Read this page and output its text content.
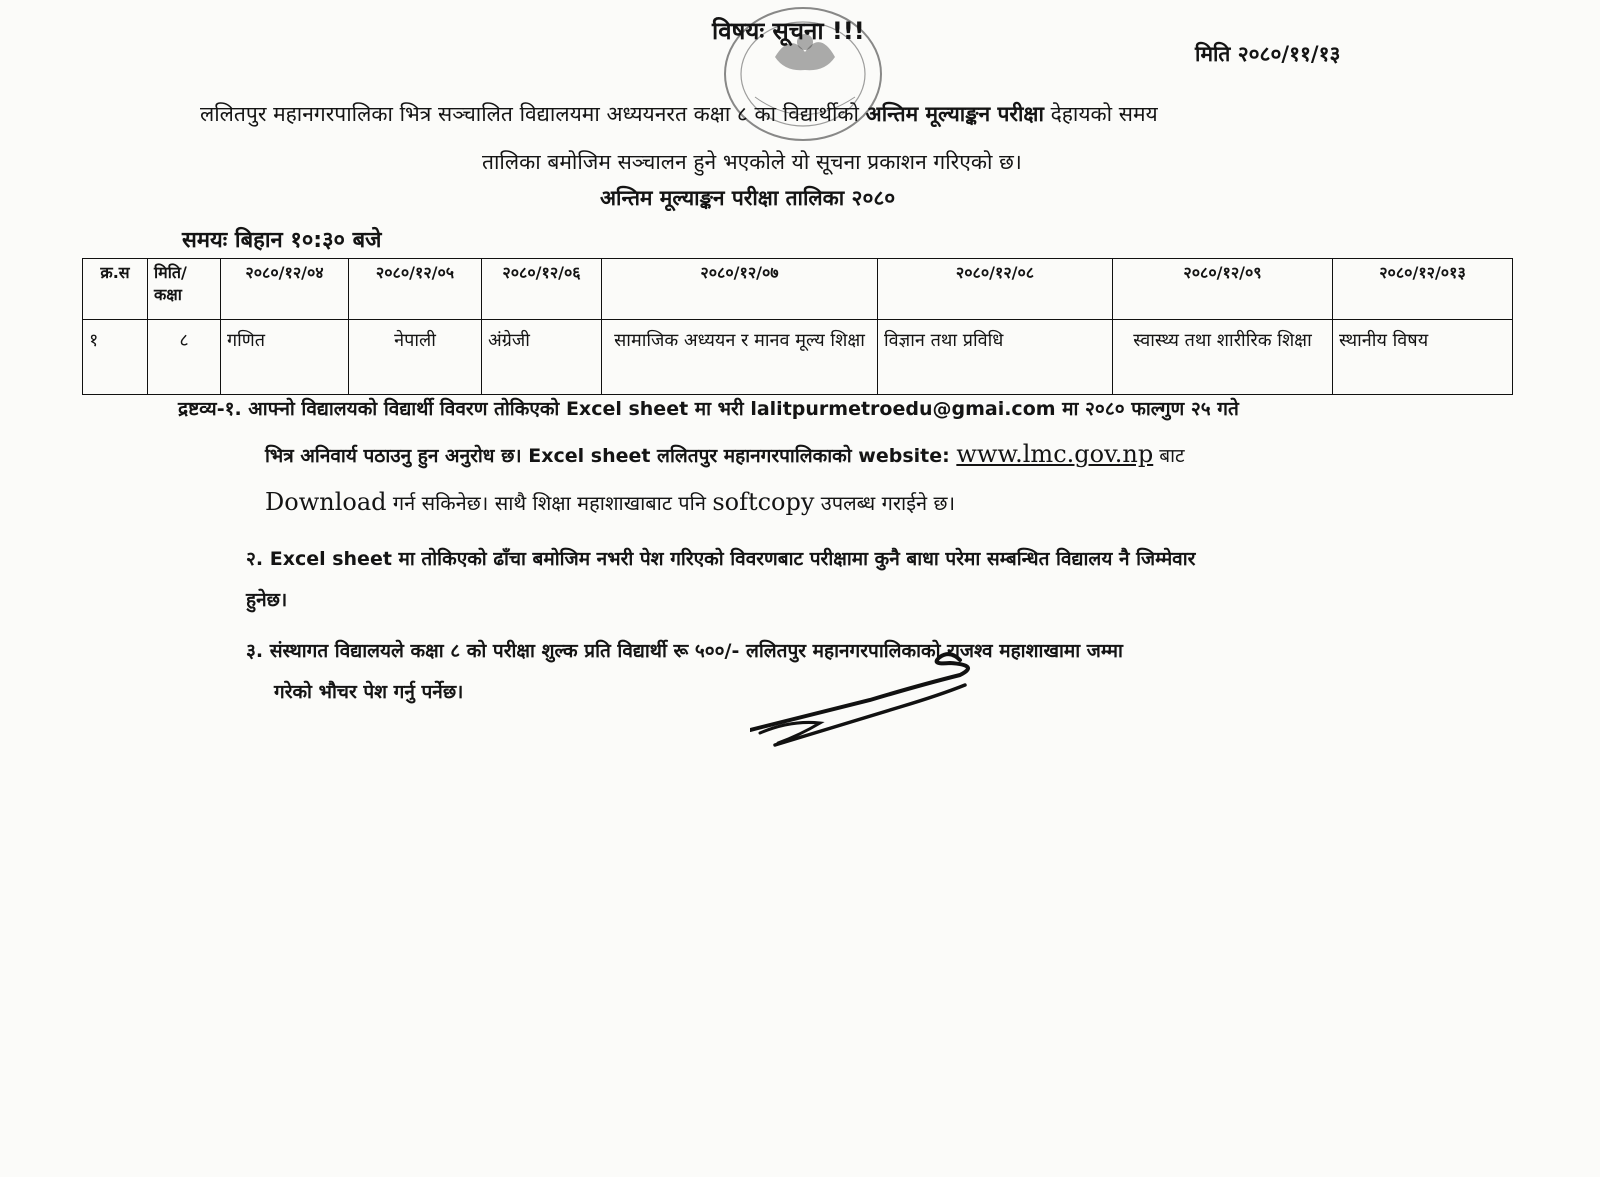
विषयः सूचना !!!
मिति २०८०/११/१३
ललितपुर महानगरपालिका भित्र सञ्चालित विद्यालयमा अध्ययनरत कक्षा ८ का विद्यार्थीको अन्तिम मूल्याङ्कन परीक्षा देहायको समय
तालिका बमोजिम सञ्चालन हुने भएकोले यो सूचना प्रकाशन गरिएको छ।
अन्तिम मूल्याङ्कन परीक्षा तालिका २०८०
समयः बिहान १०:३० बजे
क्र.स	मिति/ कक्षा	२०८०/१२/०४	२०८०/१२/०५	२०८०/१२/०६	२०८०/१२/०७	२०८०/१२/०८	२०८०/१२/०९	२०८०/१२/०१३
१	८	गणित	नेपाली	अंग्रेजी	सामाजिक अध्ययन र मानव मूल्य शिक्षा	विज्ञान तथा प्रविधि	स्वास्थ्य तथा शारीरिक शिक्षा	स्थानीय विषय
द्रष्टव्य-१. आफ्नो विद्यालयको विद्यार्थी विवरण तोकिएको Excel sheet मा भरी lalitpurmetroedu@gmai.com मा २०८० फाल्गुण २५ गते
भित्र अनिवार्य पठाउनु हुन अनुरोध छ। Excel sheet ललितपुर महानगरपालिकाको website: www.lmc.gov.np बाट
Download गर्न सकिनेछ। साथै शिक्षा महाशाखाबाट पनि softcopy उपलब्ध गराईने छ।
२. Excel sheet मा तोकिएको ढाँचा बमोजिम नभरी पेश गरिएको विवरणबाट परीक्षामा कुनै बाधा परेमा सम्बन्धित विद्यालय नै जिम्मेवार
हुनेछ।
३. संस्थागत विद्यालयले कक्षा ८ को परीक्षा शुल्क प्रति विद्यार्थी रू ५००/- ललितपुर महानगरपालिकाको राजश्व महाशाखामा जम्मा
गरेको भौचर पेश गर्नु पर्नेछ।
